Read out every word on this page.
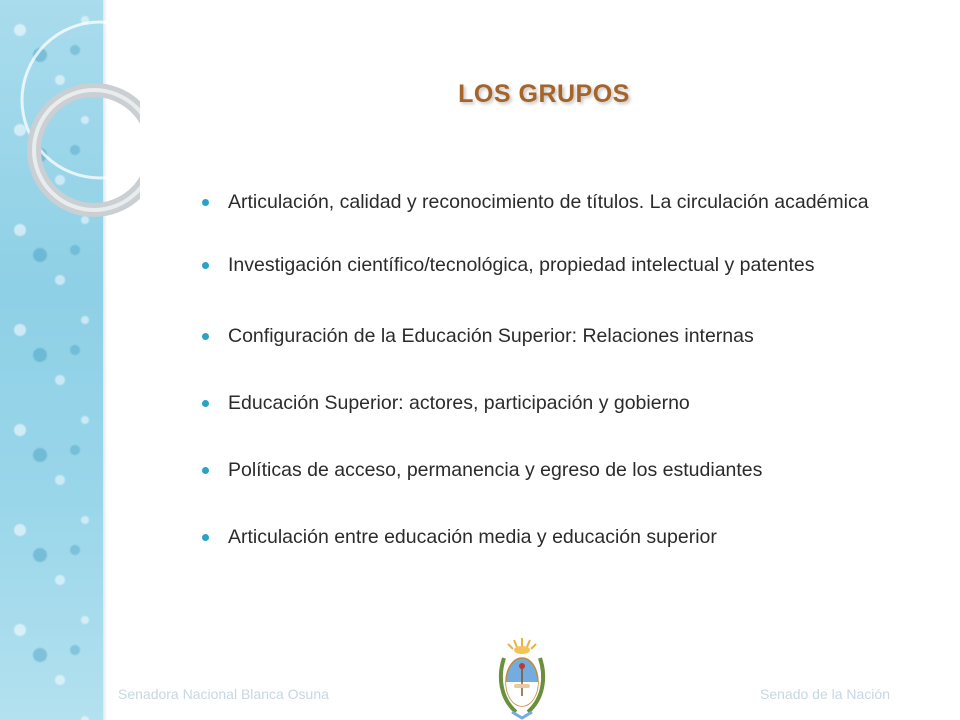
LOS GRUPOS
Articulación, calidad y reconocimiento de títulos. La circulación académica
Investigación científico/tecnológica, propiedad intelectual y patentes
Configuración de la Educación Superior: Relaciones internas
Educación Superior: actores, participación y gobierno
Políticas de acceso, permanencia y egreso de los estudiantes
Articulación entre educación media y educación superior
Senadora Nacional Blanca Osuna	Senado de la Nación
